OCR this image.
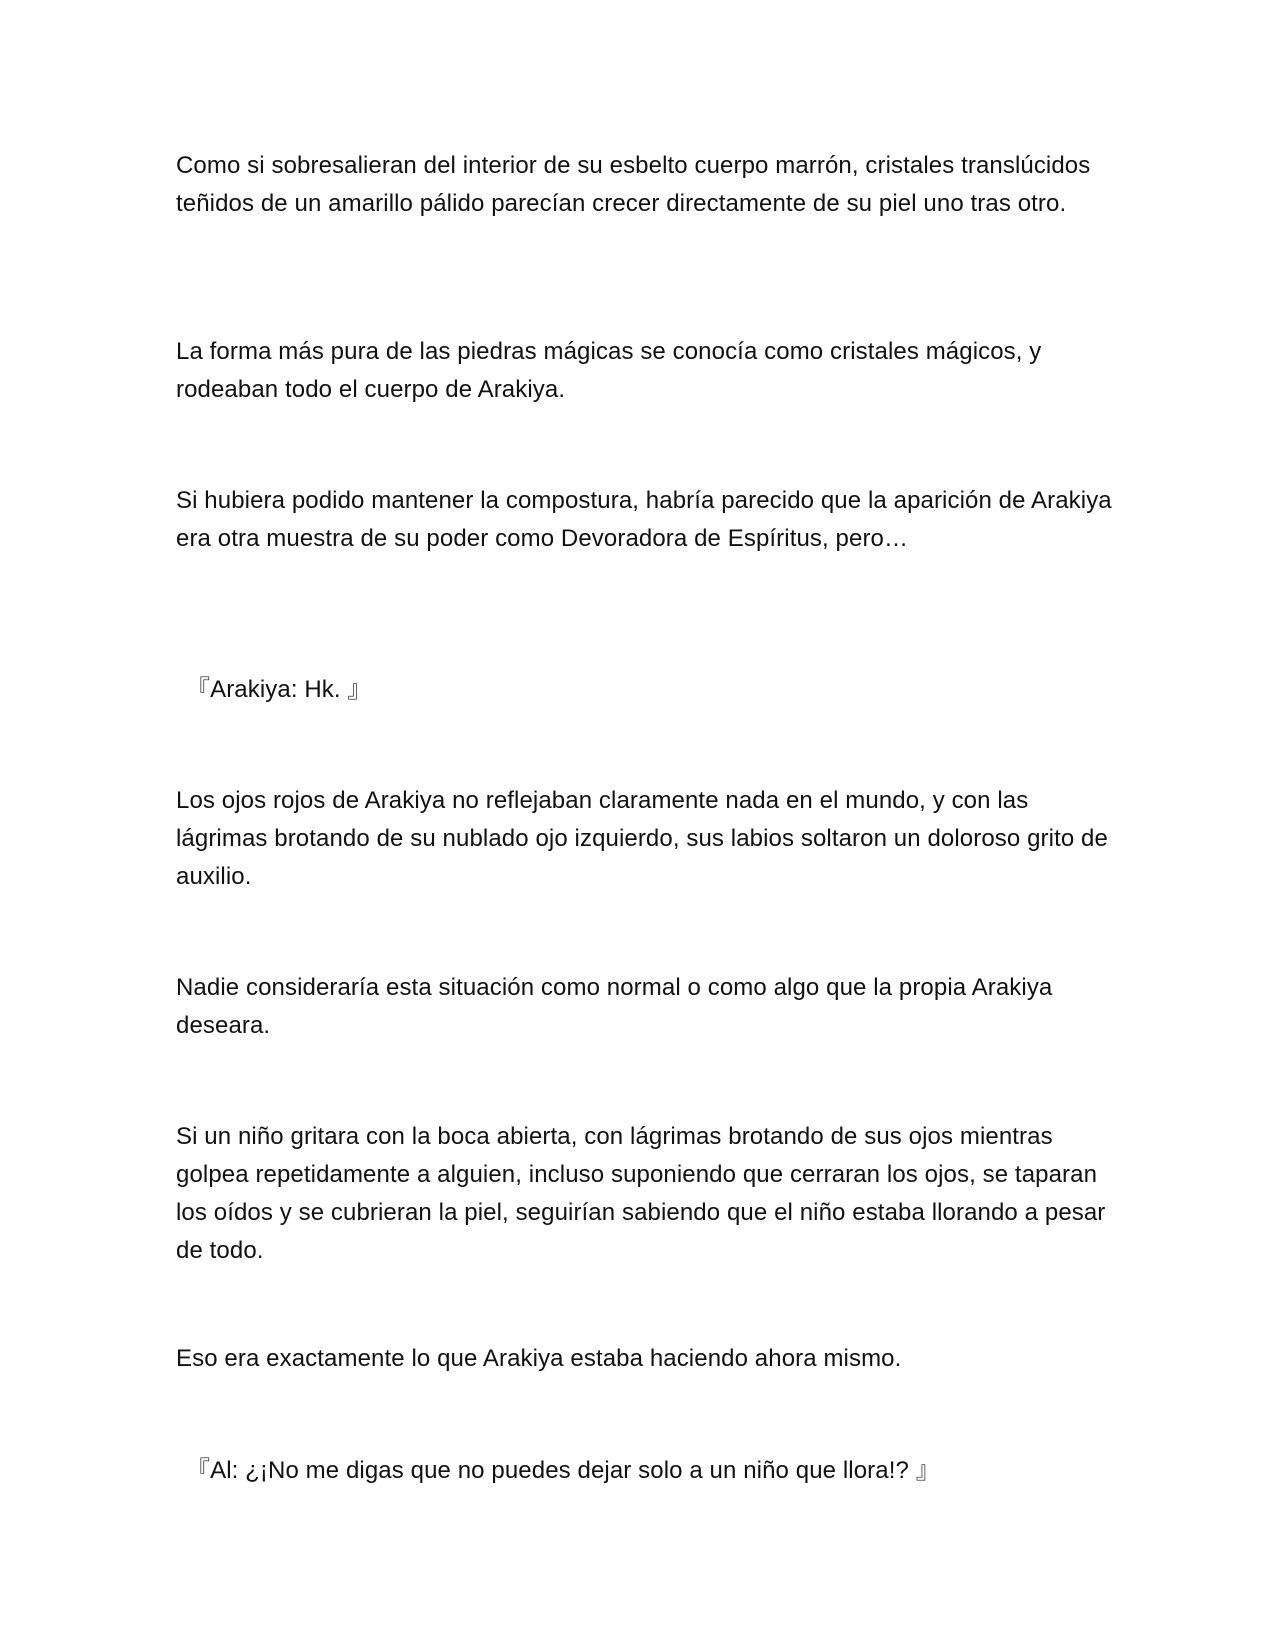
Como si sobresalieran del interior de su esbelto cuerpo marrón, cristales translúcidos teñidos de un amarillo pálido parecían crecer directamente de su piel uno tras otro.

La forma más pura de las piedras mágicas se conocía como cristales mágicos, y rodeaban todo el cuerpo de Arakiya.

Si hubiera podido mantener la compostura, habría parecido que la aparición de Arakiya era otra muestra de su poder como Devoradora de Espíritus, pero…

『Arakiya: Hk. 』

Los ojos rojos de Arakiya no reflejaban claramente nada en el mundo, y con las lágrimas brotando de su nublado ojo izquierdo, sus labios soltaron un doloroso grito de auxilio.

Nadie consideraría esta situación como normal o como algo que la propia Arakiya deseara.

Si un niño gritara con la boca abierta, con lágrimas brotando de sus ojos mientras golpea repetidamente a alguien, incluso suponiendo que cerraran los ojos, se taparan los oídos y se cubrieran la piel, seguirían sabiendo que el niño estaba llorando a pesar de todo.

Eso era exactamente lo que Arakiya estaba haciendo ahora mismo.

『Al: ¿¡No me digas que no puedes dejar solo a un niño que llora!? 』
